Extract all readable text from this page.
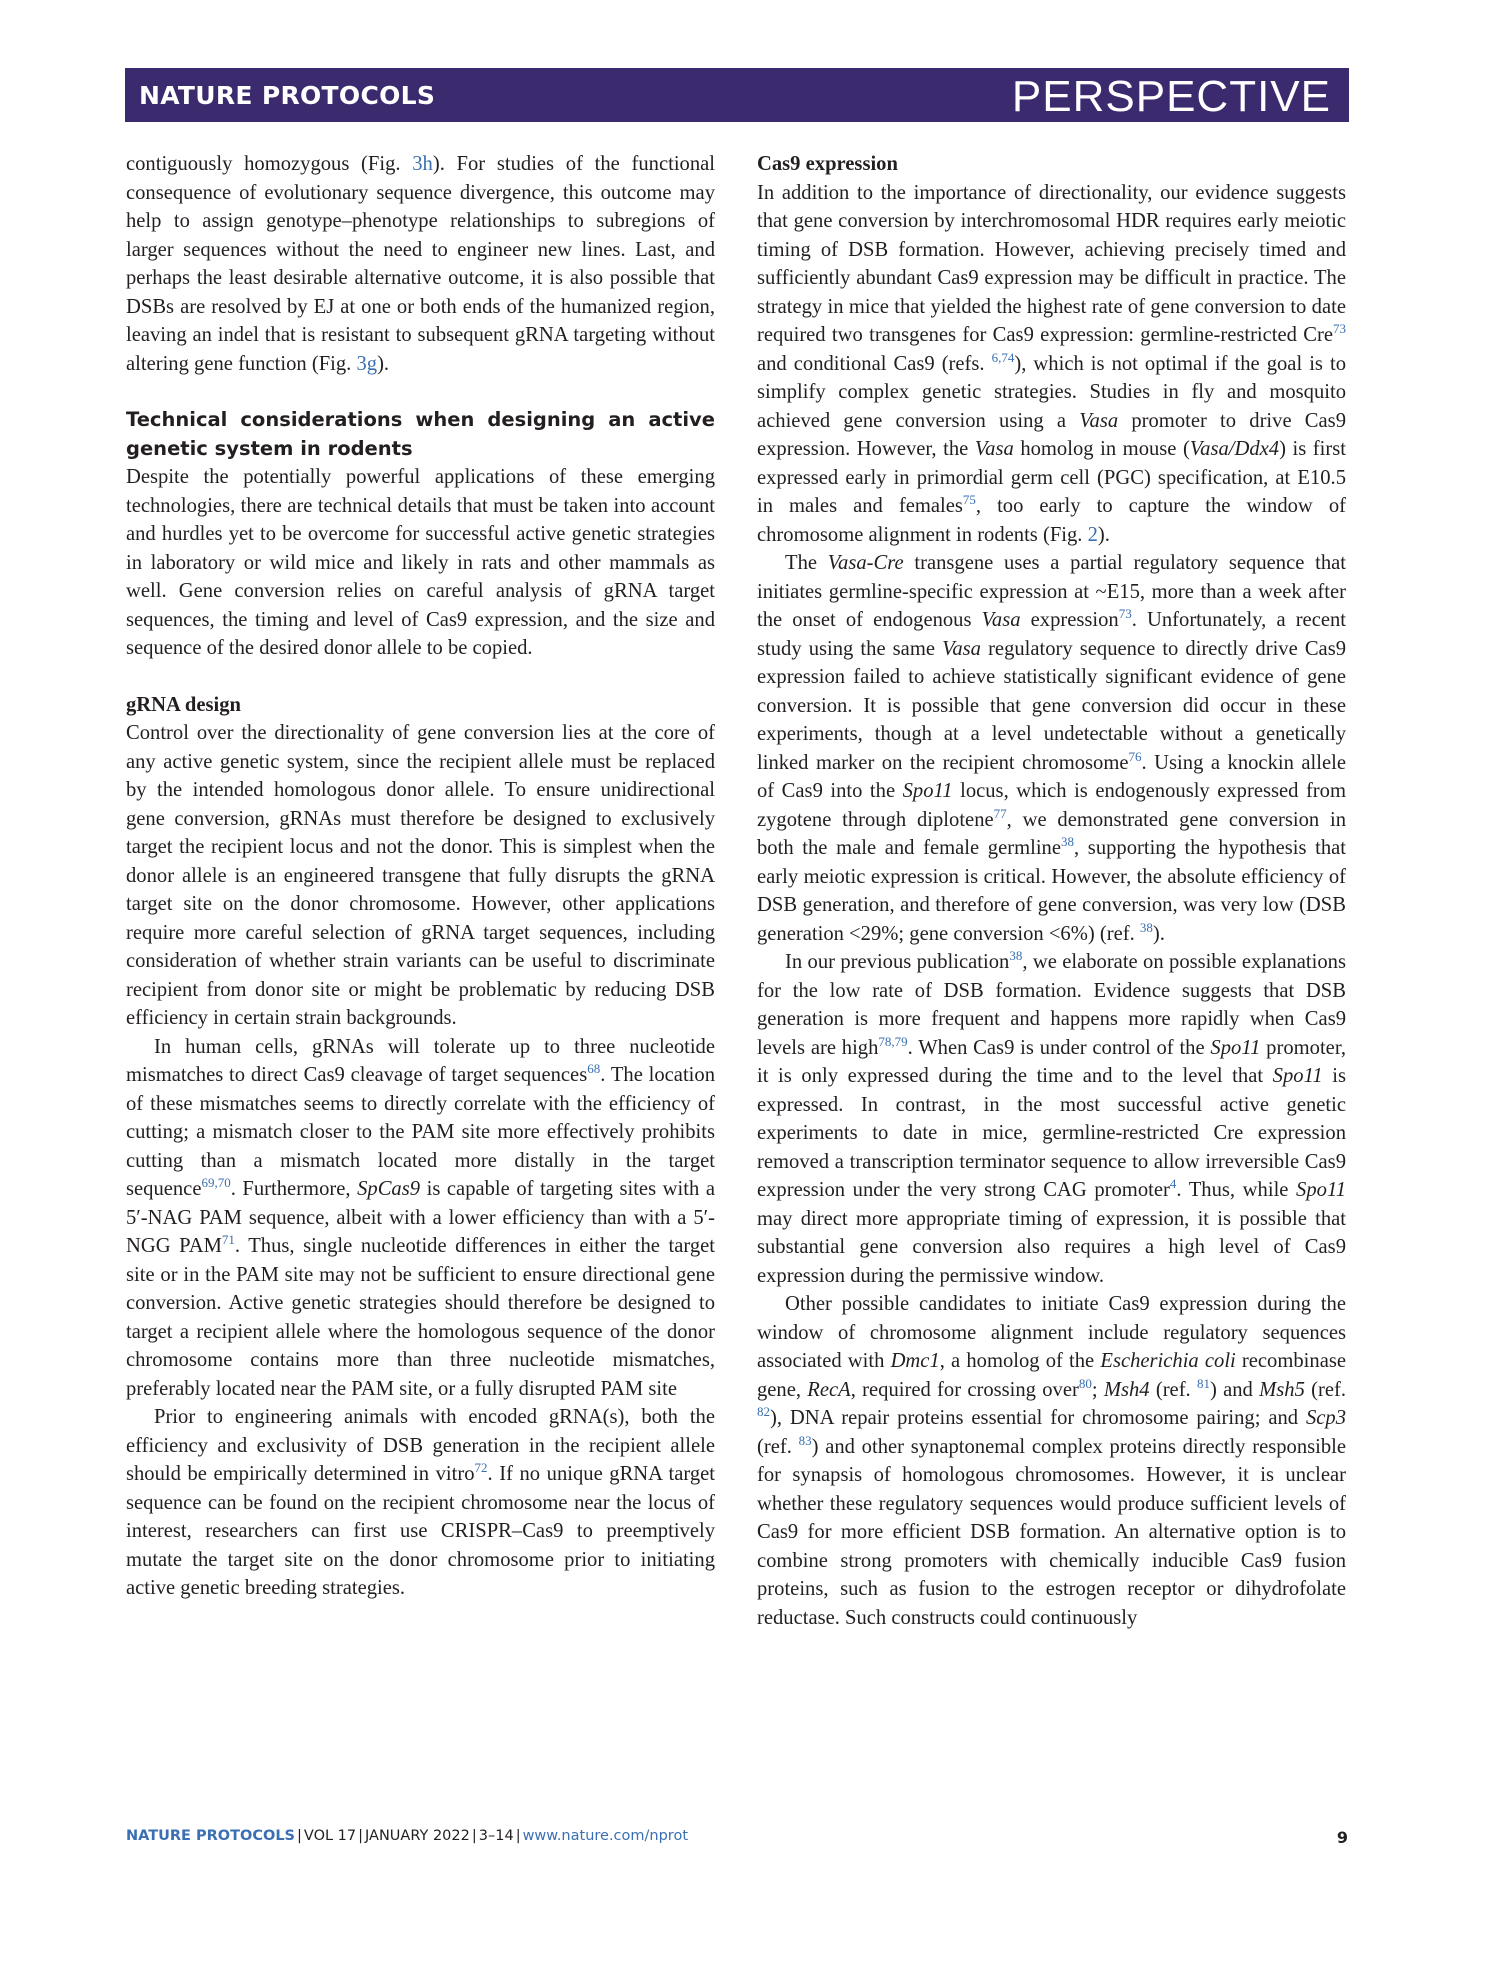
NATURE PROTOCOLS	PERSPECTIVE

contiguously homozygous (Fig. 3h). For studies of the functional consequence of evolutionary sequence divergence, this outcome may help to assign genotype–phenotype relationships to subregions of larger sequences without the need to engineer new lines. Last, and perhaps the least desirable alternative outcome, it is also possible that DSBs are resolved by EJ at one or both ends of the humanized region, leaving an indel that is resistant to subsequent gRNA targeting without altering gene function (Fig. 3g).

Technical considerations when designing an active genetic system in rodents

Despite the potentially powerful applications of these emerging technologies, there are technical details that must be taken into account and hurdles yet to be overcome for successful active genetic strategies in laboratory or wild mice and likely in rats and other mammals as well. Gene conversion relies on careful analysis of gRNA target sequences, the timing and level of Cas9 expression, and the size and sequence of the desired donor allele to be copied.

gRNA design

Control over the directionality of gene conversion lies at the core of any active genetic system, since the recipient allele must be replaced by the intended homologous donor allele. To ensure unidirectional gene conversion, gRNAs must therefore be designed to exclusively target the recipient locus and not the donor. This is simplest when the donor allele is an engineered transgene that fully disrupts the gRNA target site on the donor chromosome. However, other applications require more careful selection of gRNA target sequences, including consideration of whether strain variants can be useful to discriminate recipient from donor site or might be problematic by reducing DSB efficiency in certain strain backgrounds.

In human cells, gRNAs will tolerate up to three nucleotide mismatches to direct Cas9 cleavage of target sequences$^{68}$. The location of these mismatches seems to directly correlate with the efficiency of cutting; a mismatch closer to the PAM site more effectively prohibits cutting than a mismatch located more distally in the target sequence$^{69,70}$. Furthermore, SpCas9 is capable of targeting sites with a 5′-NAG PAM sequence, albeit with a lower efficiency than with a 5′-NGG PAM$^{71}$. Thus, single nucleotide differences in either the target site or in the PAM site may not be sufficient to ensure directional gene conversion. Active genetic strategies should therefore be designed to target a recipient allele where the homologous sequence of the donor chromosome contains more than three nucleotide mismatches, preferably located near the PAM site, or a fully disrupted PAM site

Prior to engineering animals with encoded gRNA(s), both the efficiency and exclusivity of DSB generation in the recipient allele should be empirically determined in vitro$^{72}$. If no unique gRNA target sequence can be found on the recipient chromosome near the locus of interest, researchers can first use CRISPR–Cas9 to preemptively mutate the target site on the donor chromosome prior to initiating active genetic breeding strategies.

Cas9 expression

In addition to the importance of directionality, our evidence suggests that gene conversion by interchromosomal HDR requires early meiotic timing of DSB formation. However, achieving precisely timed and sufficiently abundant Cas9 expression may be difficult in practice. The strategy in mice that yielded the highest rate of gene conversion to date required two transgenes for Cas9 expression: germline-restricted Cre$^{73}$ and conditional Cas9 (refs. $^{6,74}$), which is not optimal if the goal is to simplify complex genetic strategies. Studies in fly and mosquito achieved gene conversion using a Vasa promoter to drive Cas9 expression. However, the Vasa homolog in mouse (Vasa/Ddx4) is first expressed early in primordial germ cell (PGC) specification, at E10.5 in males and females$^{75}$, too early to capture the window of chromosome alignment in rodents (Fig. 2).

The Vasa-Cre transgene uses a partial regulatory sequence that initiates germline-specific expression at ~E15, more than a week after the onset of endogenous Vasa expression$^{73}$. Unfortunately, a recent study using the same Vasa regulatory sequence to directly drive Cas9 expression failed to achieve statistically significant evidence of gene conversion. It is possible that gene conversion did occur in these experiments, though at a level undetectable without a genetically linked marker on the recipient chromosome$^{76}$. Using a knockin allele of Cas9 into the Spo11 locus, which is endogenously expressed from zygotene through diplotene$^{77}$, we demonstrated gene conversion in both the male and female germline$^{38}$, supporting the hypothesis that early meiotic expression is critical. However, the absolute efficiency of DSB generation, and therefore of gene conversion, was very low (DSB generation <29%; gene conversion <6%) (ref. $^{38}$).

In our previous publication$^{38}$, we elaborate on possible explanations for the low rate of DSB formation. Evidence suggests that DSB generation is more frequent and happens more rapidly when Cas9 levels are high$^{78,79}$. When Cas9 is under control of the Spo11 promoter, it is only expressed during the time and to the level that Spo11 is expressed. In contrast, in the most successful active genetic experiments to date in mice, germline-restricted Cre expression removed a transcription terminator sequence to allow irreversible Cas9 expression under the very strong CAG promoter$^4$. Thus, while Spo11 may direct more appropriate timing of expression, it is possible that substantial gene conversion also requires a high level of Cas9 expression during the permissive window.

Other possible candidates to initiate Cas9 expression during the window of chromosome alignment include regulatory sequences associated with Dmc1, a homolog of the Escherichia coli recombinase gene, RecA, required for crossing over$^{80}$; Msh4 (ref. $^{81}$) and Msh5 (ref. $^{82}$), DNA repair proteins essential for chromosome pairing; and Scp3 (ref. $^{83}$) and other synaptonemal complex proteins directly responsible for synapsis of homologous chromosomes. However, it is unclear whether these regulatory sequences would produce sufficient levels of Cas9 for more efficient DSB formation. An alternative option is to combine strong promoters with chemically inducible Cas9 fusion proteins, such as fusion to the estrogen receptor or dihydrofolate reductase. Such constructs could continuously

NATURE PROTOCOLS | VOL 17 | JANUARY 2022 | 3–14 | www.nature.com/nprot	9
